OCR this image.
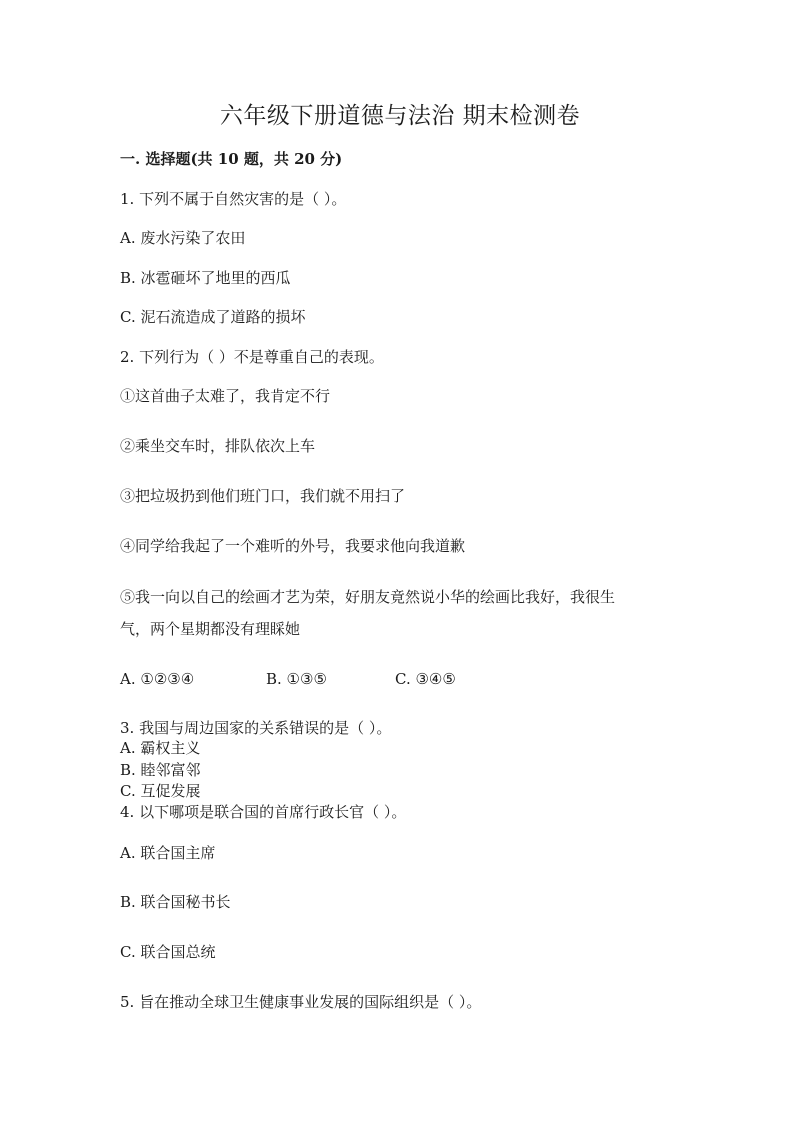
六年级下册道德与法治 期末检测卷

一. 选择题(共 10 题，共 20 分)

1. 下列不属于自然灾害的是（ ）。

A. 废水污染了农田

B. 冰雹砸坏了地里的西瓜

C. 泥石流造成了道路的损坏

2. 下列行为（ ）不是尊重自己的表现。

①这首曲子太难了，我肯定不行

②乘坐交车时，排队依次上车

③把垃圾扔到他们班门口，我们就不用扫了

④同学给我起了一个难听的外号，我要求他向我道歉

⑤我一向以自己的绘画才艺为荣，好朋友竟然说小华的绘画比我好，我很生

气，两个星期都没有理睬她

A. ①②③④	B. ①③⑤	C. ③④⑤

3. 我国与周边国家的关系错误的是（ ）。

A. 霸权主义

B. 睦邻富邻

C. 互促发展

4. 以下哪项是联合国的首席行政长官（ ）。

A. 联合国主席

B. 联合国秘书长

C. 联合国总统

5. 旨在推动全球卫生健康事业发展的国际组织是（ ）。
